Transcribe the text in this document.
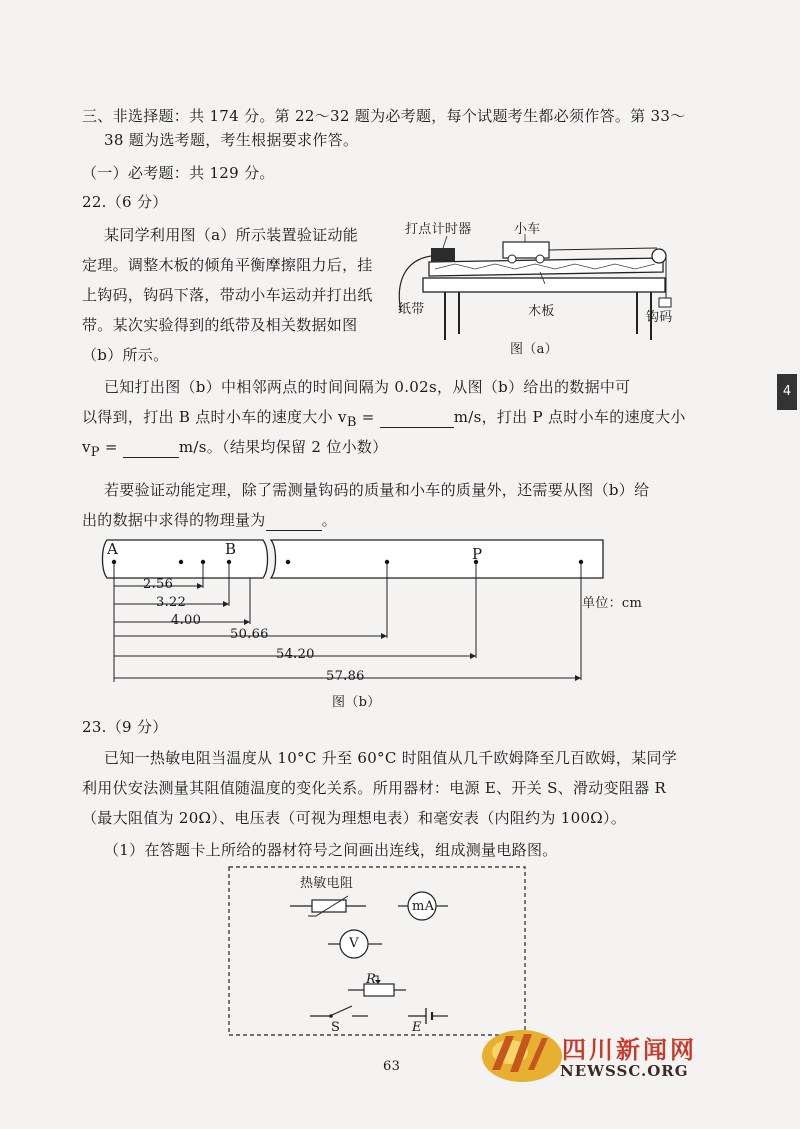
三、非选择题：共 174 分。第 22～32 题为必考题，每个试题考生都必须作答。第 33～
38 题为选考题，考生根据要求作答。
（一）必考题：共 129 分。
22.（6 分）
某同学利用图（a）所示装置验证动能
定理。调整木板的倾角平衡摩擦阻力后，挂
上钩码，钩码下落，带动小车运动并打出纸
带。某次实验得到的纸带及相关数据如图
（b）所示。
打点计时器	小车
纸带	木板	钩码
图（a）
已知打出图（b）中相邻两点的时间间隔为 0.02s，从图（b）给出的数据中可
以得到，打出 B 点时小车的速度大小 $v_B$ =	m/s，打出 P 点时小车的速度大小
$v_P$ =	m/s。（结果均保留 2 位小数）
若要验证动能定理，除了需测量钩码的质量和小车的质量外，还需要从图（b）给
出的数据中求得的物理量为	。
A	B	P
单位：cm
2.56
3.22
4.00
50.66
54.20
57.86
图（b）
23.（9 分）
已知一热敏电阻当温度从 10°C 升至 60°C 时阻值从几千欧姆降至几百欧姆，某同学
利用伏安法测量其阻值随温度的变化关系。所用器材：电源 E、开关 S、滑动变阻器 R
（最大阻值为 20Ω）、电压表（可视为理想电表）和毫安表（内阻约为 100Ω）。
（1）在答题卡上所给的器材符号之间画出连线，组成测量电路图。
热敏电阻
mA
V
R
S	E
63
4
四川新闻网
NEWSSC.ORG
